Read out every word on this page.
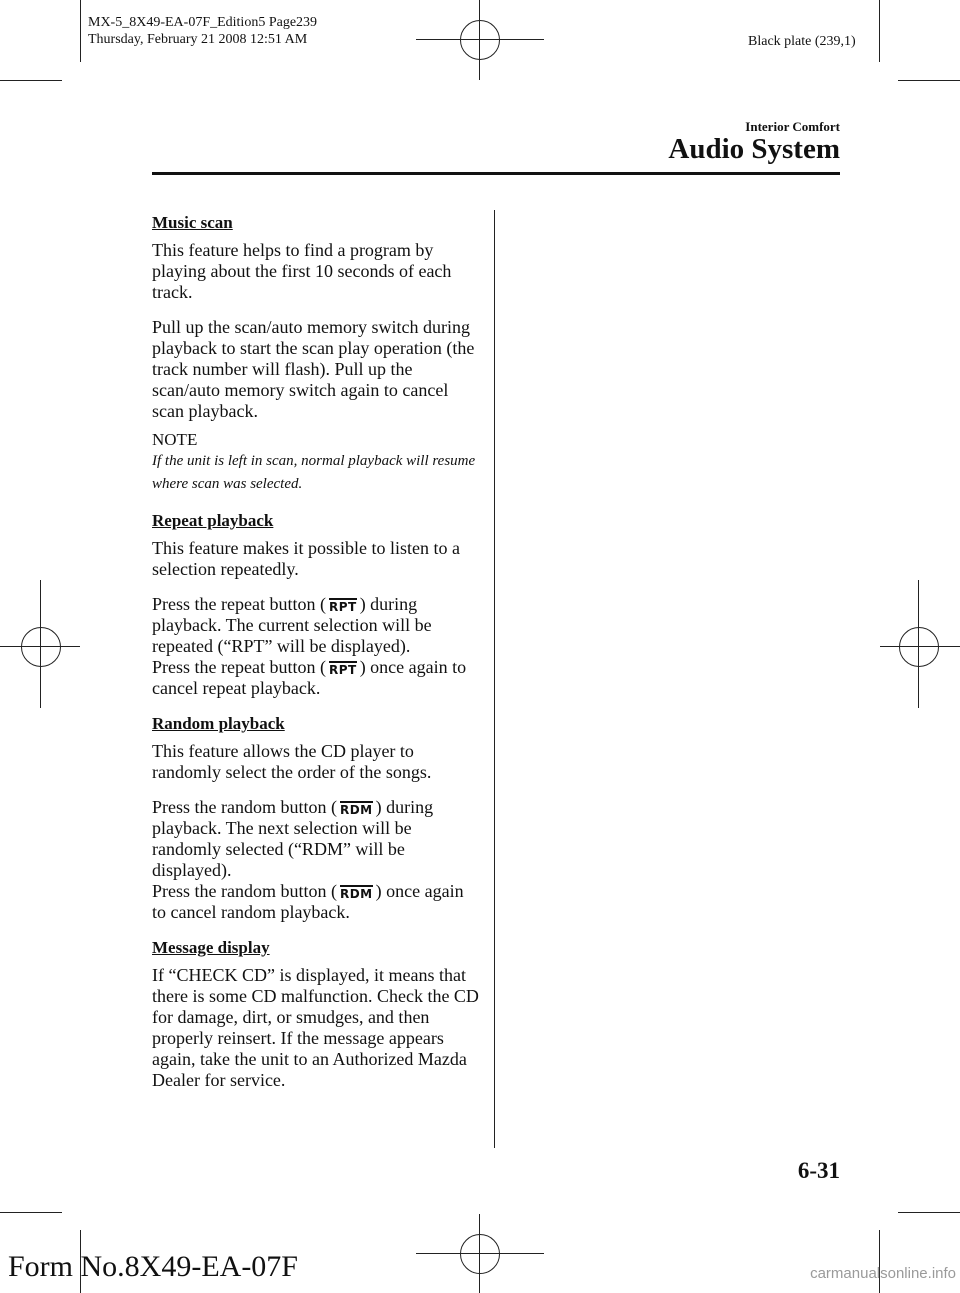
MX-5_8X49-EA-07F_Edition5 Page239
Thursday, February 21 2008 12:51 AM	Black plate (239,1)
Interior Comfort
Audio System
Music scan

This feature helps to find a program by playing about the first 10 seconds of each track.

Pull up the scan/auto memory switch during playback to start the scan play operation (the track number will flash). Pull up the scan/auto memory switch again to cancel scan playback.

NOTE
If the unit is left in scan, normal playback will resume where scan was selected.
Repeat playback

This feature makes it possible to listen to a selection repeatedly.

Press the repeat button ( RPT ) during playback. The current selection will be repeated (“RPT” will be displayed).
Press the repeat button ( RPT ) once again to cancel repeat playback.

Random playback

This feature allows the CD player to randomly select the order of the songs.

Press the random button ( RDM ) during playback. The next selection will be randomly selected (“RDM” will be displayed).
Press the random button ( RDM ) once again to cancel random playback.

Message display

If “CHECK CD” is displayed, it means that there is some CD malfunction. Check the CD for damage, dirt, or smudges, and then properly reinsert. If the message appears again, take the unit to an Authorized Mazda Dealer for service.

6-31
Form No.8X49-EA-07F	carmanualsonline.info
